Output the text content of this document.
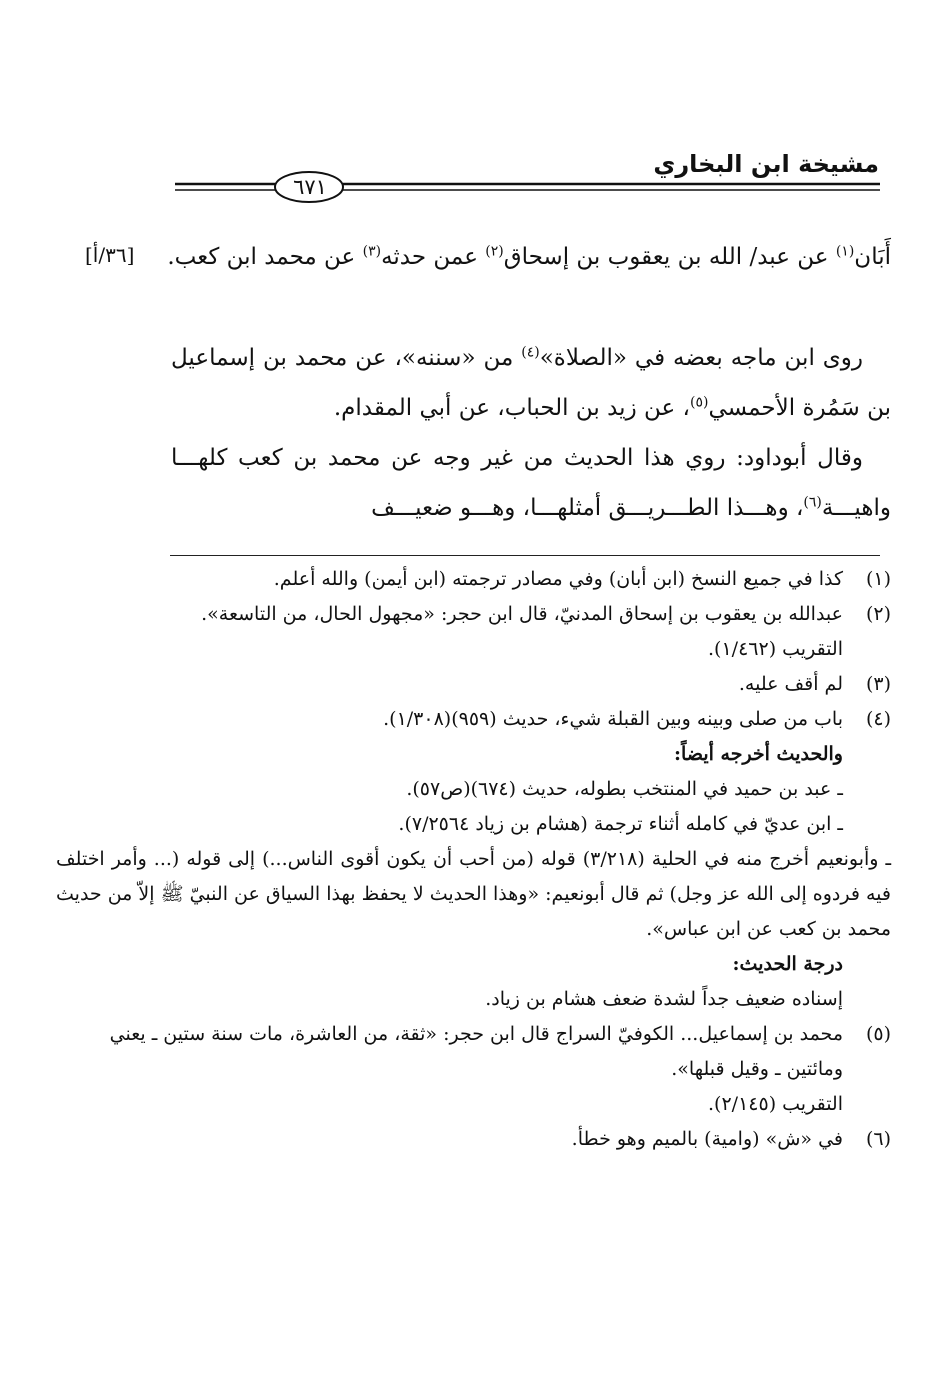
مشيخة ابن البخاري
٦٧١
[٣٦/أ]	أَبَان$^{(١)}$ عن عبد/ الله بن يعقوب بن إسحاق$^{(٢)}$ عمن حدثه$^{(٣)}$ عن محمد ابن كعب.

روى ابن ماجه بعضه في «الصلاة»$^{(٤)}$ من «سننه»، عن محمد بن إسماعيل بن سَمُرة الأحمسي$^{(٥)}$، عن زيد بن الحباب، عن أبي المقدام.

وقال أبوداود: روي هذا الحديث من غير وجه عن محمد بن كعب كلهـــا واهيـــة$^{(٦)}$، وهـــذا الطـــريـــق أمثلهـــا، وهـــو ضعيـــف

(١)
كذا في جميع النسخ (ابن أبان) وفي مصادر ترجمته (ابن أيمن) والله أعلم.
(٢)
عبدالله بن يعقوب بن إسحاق المدنيّ، قال ابن حجر: «مجهول الحال، من التاسعة».
التقريب (١/٤٦٢).
(٣)
لم أقف عليه.
(٤)
باب من صلى وبينه وبين القبلة شيء، حديث (٩٥٩)(١/٣٠٨).
والحديث أخرجه أيضاً:
ـ عبد بن حميد في المنتخب بطوله، حديث (٦٧٤)(ص٥٧).
ـ ابن عديّ في كامله أثناء ترجمة (هشام بن زياد ٧/٢٥٦٤).
ـ وأبونعيم أخرج منه في الحلية (٣/٢١٨) قوله (من أحب أن يكون أقوى الناس...) إلى قوله (... وأمر اختلف فيه فردوه إلى الله عز وجل) ثم قال أبونعيم: «وهذا الحديث لا يحفظ بهذا السياق عن النبيّ ﷺ إلاّ من حديث محمد بن كعب عن ابن عباس».
درجة الحديث:
إسناده ضعيف جداً لشدة ضعف هشام بن زياد.
(٥)
محمد بن إسماعيل... الكوفيّ السراج قال ابن حجر: «ثقة، من العاشرة، مات سنة ستين ـ يعني ومائتين ـ وقيل قبلها».
التقريب (٢/١٤٥).
(٦)
في «ش» (وامية) بالميم وهو خطأ.
